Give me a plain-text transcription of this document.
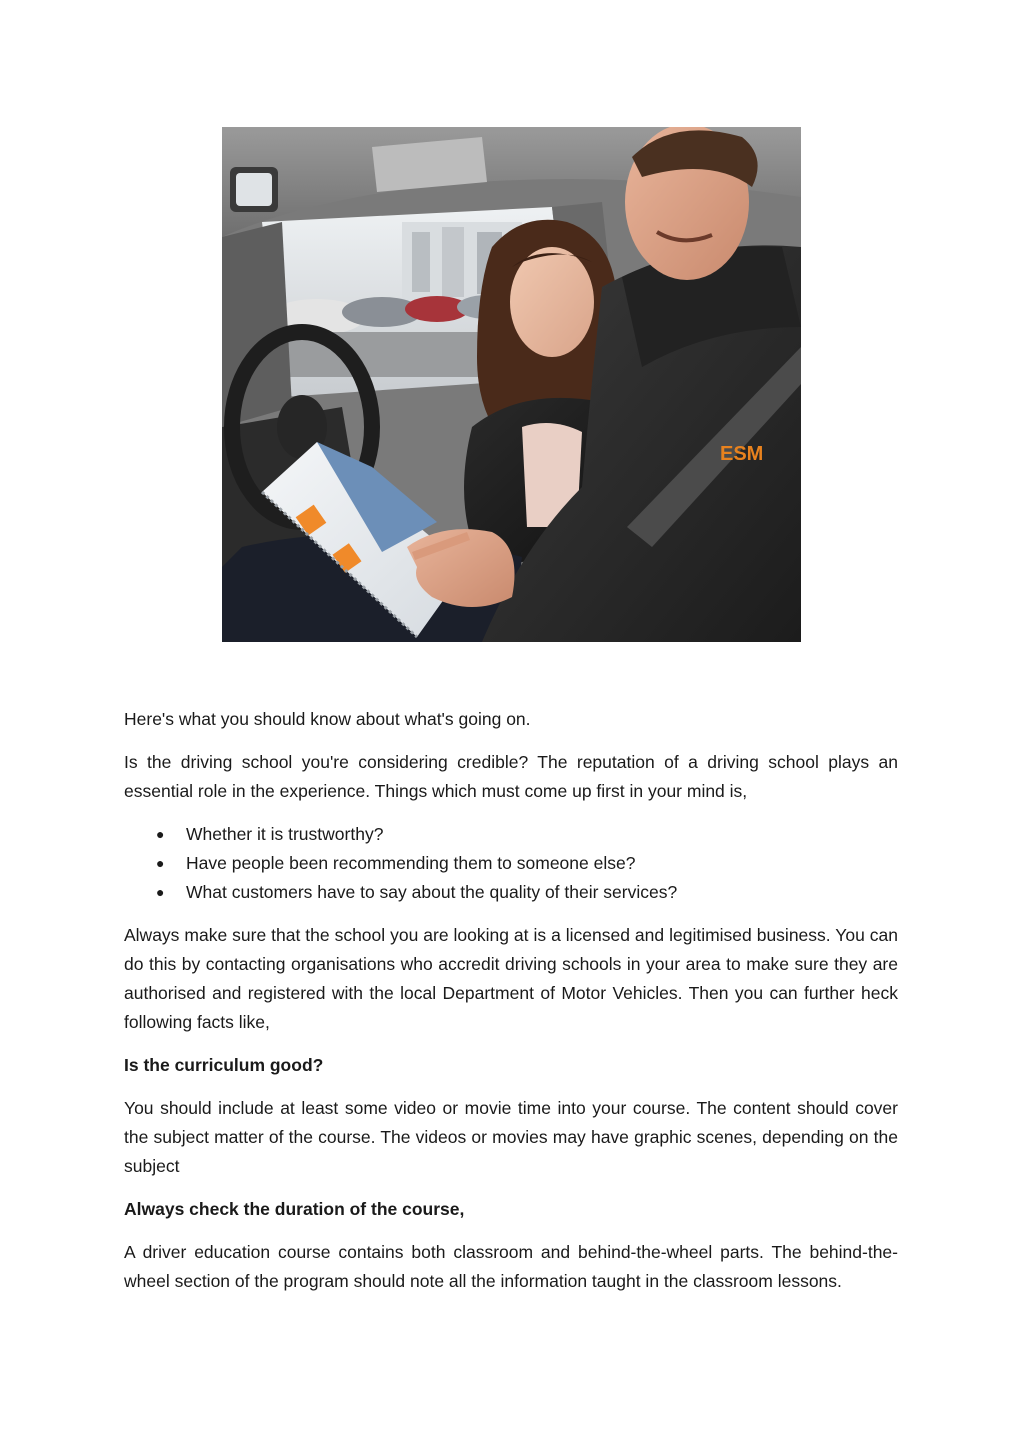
ESM

Here's what you should know about what's going on.

Is the driving school you're considering credible? The reputation of a driving school plays an essential role in the experience. Things which must come up first in your mind is,

● Whether it is trustworthy?
● Have people been recommending them to someone else?
● What customers have to say about the quality of their services?

Always make sure that the school you are looking at is a licensed and legitimised business. You can do this by contacting organisations who accredit driving schools in your area to make sure they are authorised and registered with the local Department of Motor Vehicles. Then you can further heck following facts like,

Is the curriculum good?

You should include at least some video or movie time into your course. The content should cover the subject matter of the course. The videos or movies may have graphic scenes, depending on the subject

Always check the duration of the course,

A driver education course contains both classroom and behind-the-wheel parts. The behind-the-wheel section of the program should note all the information taught in the classroom lessons.
